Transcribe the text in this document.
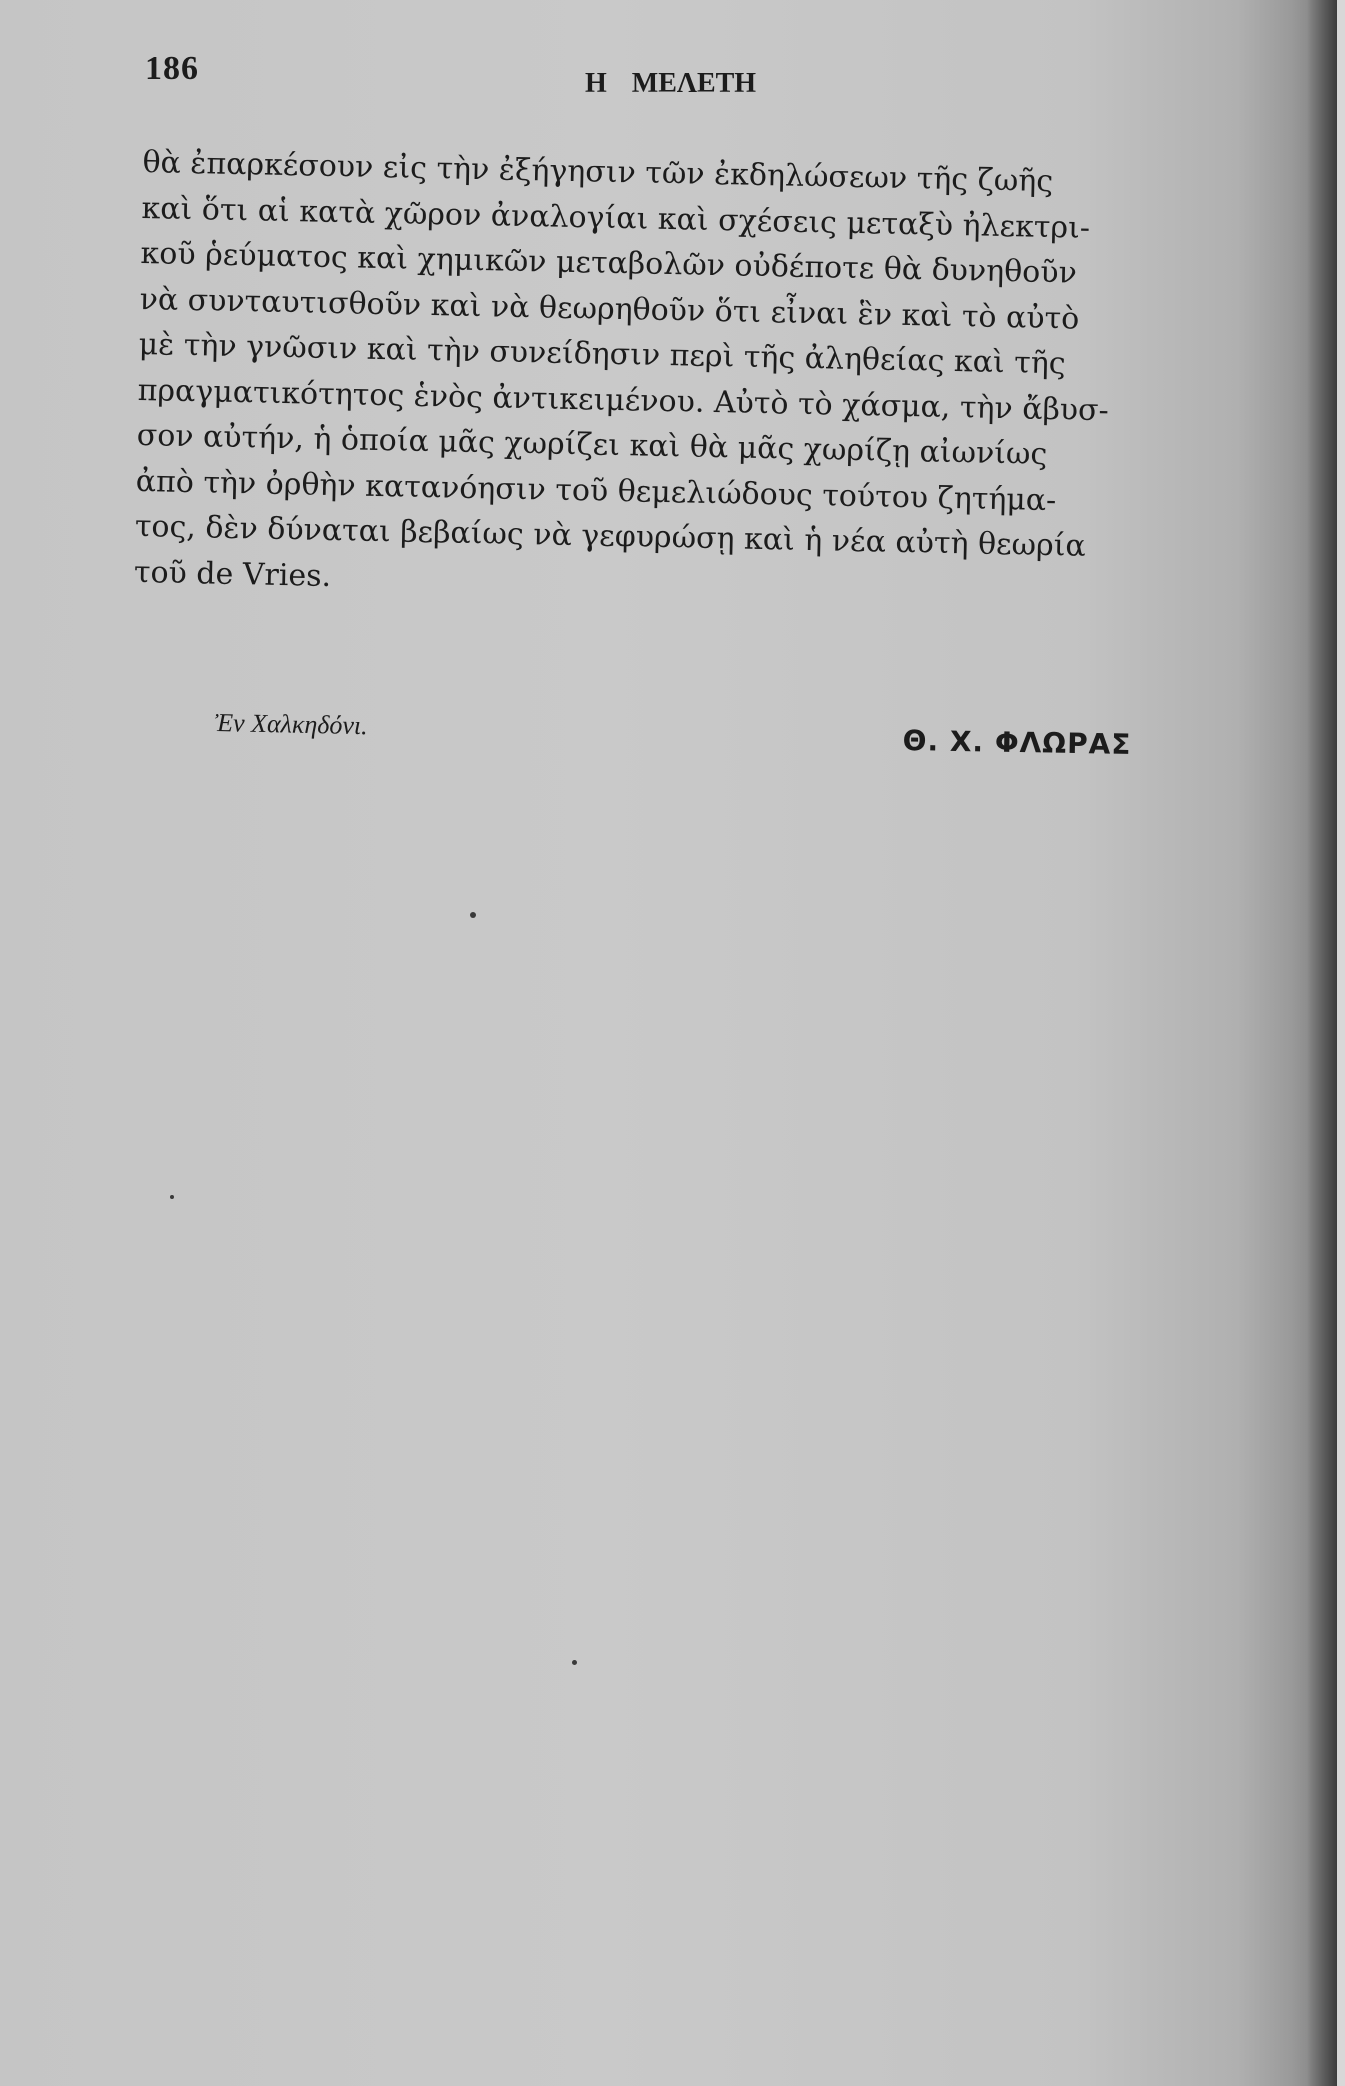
186	Η ΜΕΛΕΤΗ
θὰ ἐπαρκέσουν εἰς τὴν ἐξήγησιν τῶν ἐκδηλώσεων τῆς ζωῆς
καὶ ὅτι αἱ κατὰ χῶρον ἀναλογίαι καὶ σχέσεις μεταξὺ ἠλεκτρι-
κοῦ ῥεύματος καὶ χημικῶν μεταβολῶν οὐδέποτε θὰ δυνηθοῦν
νὰ συνταυτισθοῦν καὶ νὰ θεωρηθοῦν ὅτι εἶναι ἓν καὶ τὸ αὐτὸ
μὲ τὴν γνῶσιν καὶ τὴν συνείδησιν περὶ τῆς ἀληθείας καὶ τῆς
πραγματικότητος ἑνὸς ἀντικειμένου. Αὐτὸ τὸ χάσμα, τὴν ἄβυσ-
σον αὐτήν, ἡ ὁποία μᾶς χωρίζει καὶ θὰ μᾶς χωρίζῃ αἰωνίως
ἀπὸ τὴν ὀρθὴν κατανόησιν τοῦ θεμελιώδους τούτου ζητήμα-
τος, δὲν δύναται βεβαίως νὰ γεφυρώσῃ καὶ ἡ νέα αὐτὴ θεωρία
τοῦ de Vries.
Ἐν Χαλκηδόνι.	Θ. Χ. ΦΛΩΡΑΣ
